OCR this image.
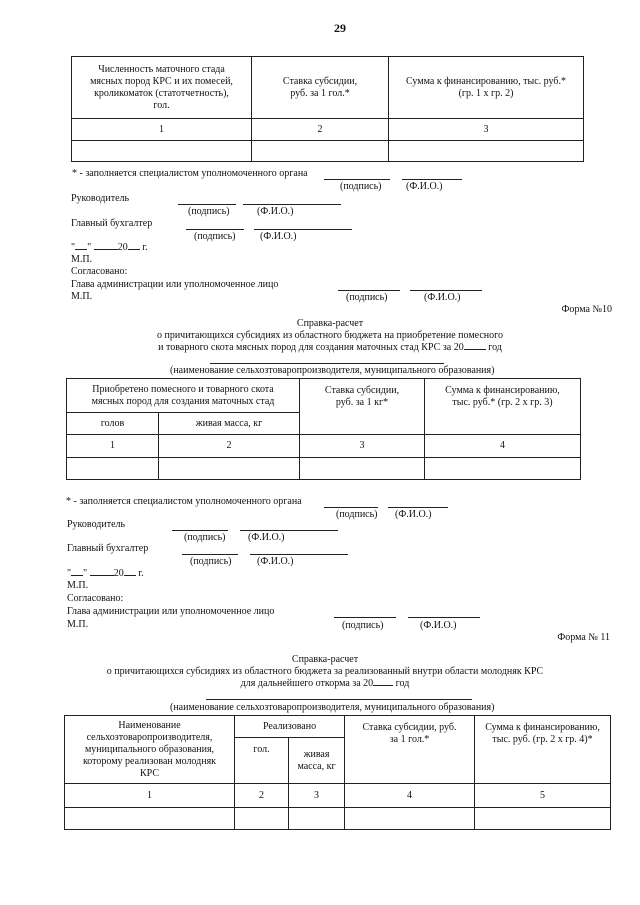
29
Численность маточного стада мясных пород КРС и их помесей, кроликоматок (статотчетность), гол.	Ставка субсидии, руб. за 1 гол.*	Сумма к финансированию, тыс. руб.* (гр. 1 х гр. 2)
1	2	3

* - заполняется специалистом уполномоченного органа
(подпись) (Ф.И.О.)
Руководитель
(подпись)	(Ф.И.О.)
Главный бухгалтер
(подпись) (Ф.И.О.)
" "	20 г.
М.П.
Согласовано:
Глава администрации или уполномоченное лицо
М.П.	(подпись)	(Ф.И.О.)
Форма №10
Справка-расчет
о причитающихся субсидиях из областного бюджета на приобретение помесного
и товарного скота мясных пород для создания маточных стад КРС за 20 год
(наименование сельхозтоваропроизводителя, муниципального образования)
Приобретено помесного и товарного скота мясных пород для создания маточных стад		Ставка субсидии, руб. за 1 кг*	Сумма к финансированию, тыс. руб.* (гр. 2 х гр. 3)
голов	живая масса, кг		
1	2	3	4

* - заполняется специалистом уполномоченного органа
(подпись) (Ф.И.О.)
Руководитель
(подпись) (Ф.И.О.)
Главный бухгалтер
(подпись)	(Ф.И.О.)
" "	20 г.
М.П.
Согласовано:
Глава администрации или уполномоченное лицо
М.П.	(подпись)	(Ф.И.О.)
Форма № 11
Справка-расчет
о причитающихся субсидиях из областного бюджета за реализованный внутри области молодняк КРС
для дальнейшего откорма за 20 год
(наименование сельхозтоваропроизводителя, муниципального образования)
Наименование сельхозтоваропроизводителя, муниципального образования, которому реализован молодняк КРС	Реализовано		Ставка субсидии, руб. за 1 гол.*	Сумма к финансированию, тыс. руб. (гр. 2 х гр. 4)*
	гол.	живая масса, кг		
1	2	3	4	5
